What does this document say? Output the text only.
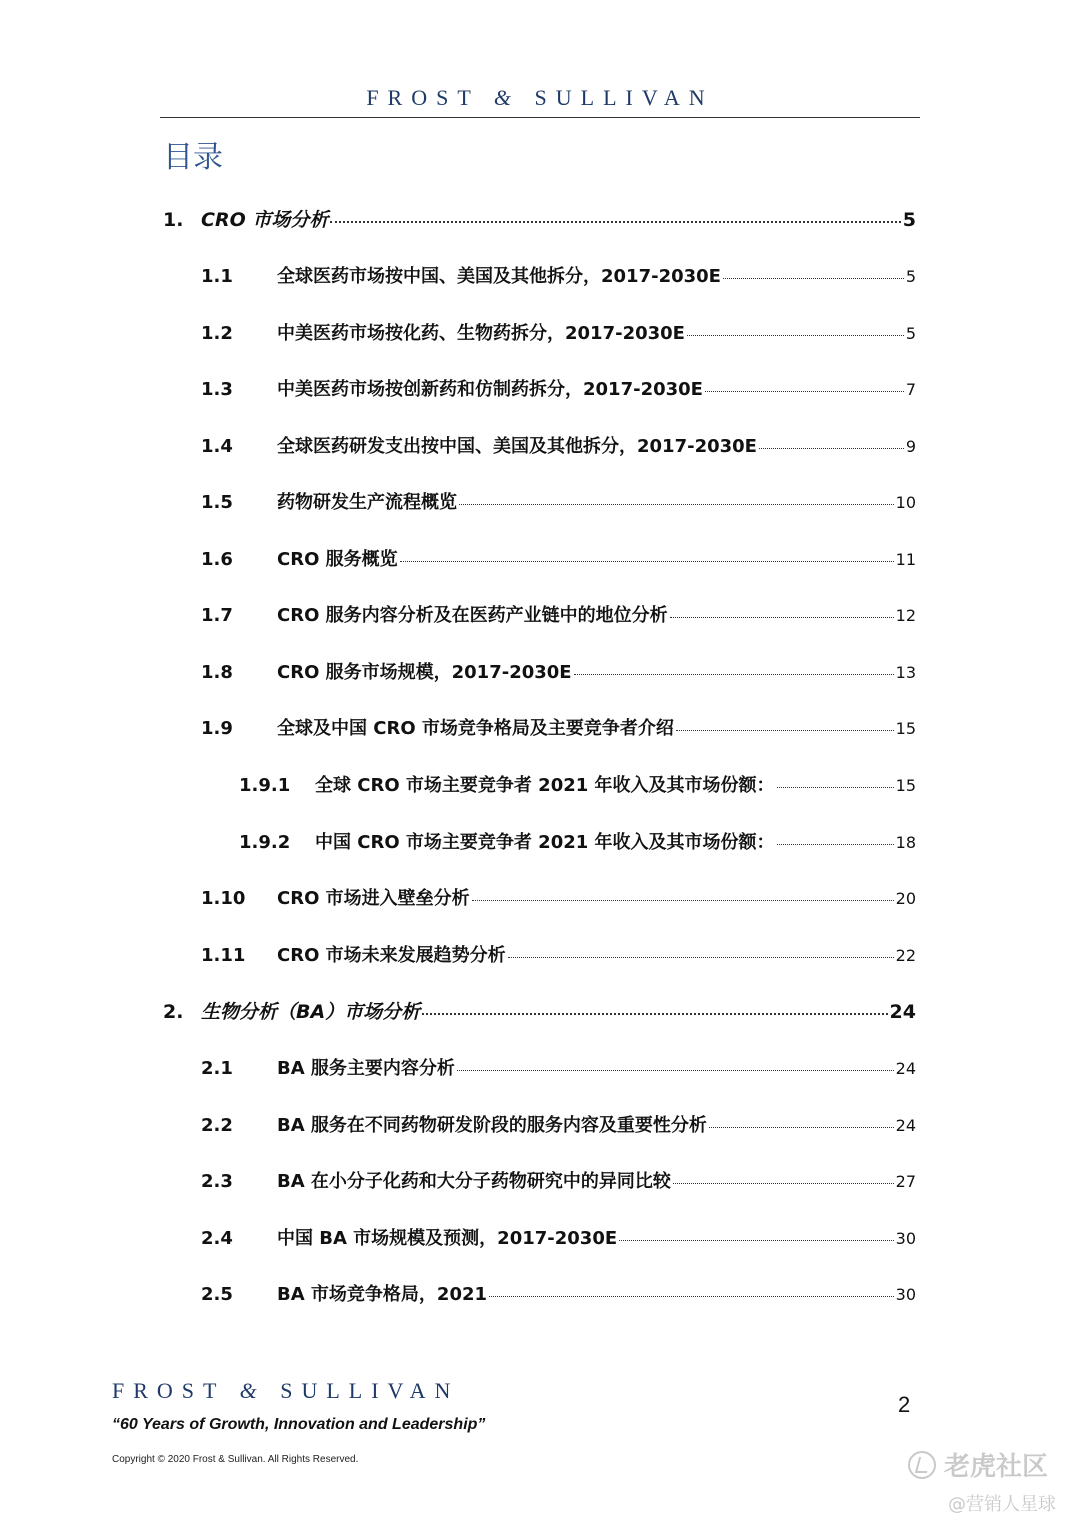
FROST & SULLIVAN
目录
1. CRO 市场分析	5
1.1	全球医药市场按中国、美国及其他拆分，2017-2030E	5
1.2	中美医药市场按化药、生物药拆分，2017-2030E	5
1.3	中美医药市场按创新药和仿制药拆分，2017-2030E	7
1.4	全球医药研发支出按中国、美国及其他拆分，2017-2030E	9
1.5	药物研发生产流程概览	10
1.6	CRO 服务概览	11
1.7	CRO 服务内容分析及在医药产业链中的地位分析	12
1.8	CRO 服务市场规模，2017-2030E	13
1.9	全球及中国 CRO 市场竞争格局及主要竞争者介绍	15
1.9.1	全球 CRO 市场主要竞争者 2021 年收入及其市场份额：	15
1.9.2	中国 CRO 市场主要竞争者 2021 年收入及其市场份额：	18
1.10	CRO 市场进入壁垒分析	20
1.11	CRO 市场未来发展趋势分析	22
2. 生物分析（BA）市场分析	24
2.1	BA 服务主要内容分析	24
2.2	BA 服务在不同药物研发阶段的服务内容及重要性分析	24
2.3	BA 在小分子化药和大分子药物研究中的异同比较	27
2.4	中国 BA 市场规模及预测，2017-2030E	30
2.5	BA 市场竞争格局，2021	30
FROST & SULLIVAN
“60 Years of Growth, Innovation and Leadership”
Copyright © 2020 Frost & Sullivan. All Rights Reserved.
2
老虎社区
@营销人星球
